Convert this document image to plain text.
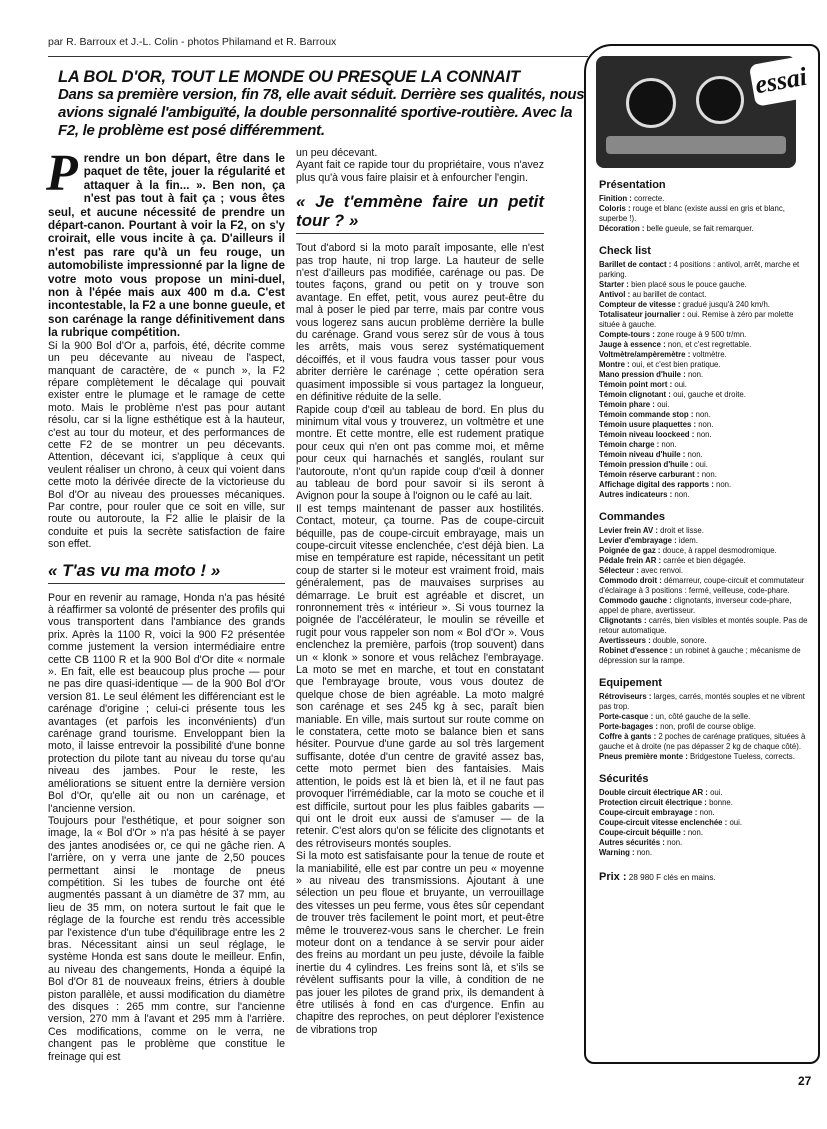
par R. Barroux et J.-L. Colin - photos Philamand et R. Barroux
LA BOL D'OR, TOUT LE MONDE OU PRESQUE LA CONNAIT
Dans sa première version, fin 78, elle avait séduit. Derrière ses qualités, nous avions signalé l'ambiguïté, la double personnalité sportive-routière. Avec la F2, le problème est posé différemment.

Prendre un bon départ, être dans le paquet de tête, jouer la régularité et attaquer à la fin... ». Ben non, ça n'est pas tout à fait ça ; vous êtes seul, et aucune nécessité de prendre un départ-canon. Pourtant à voir la F2, on s'y croirait, elle vous incite à ça. D'ailleurs il n'est pas rare qu'à un feu rouge, un automobiliste impressionné par la ligne de votre moto vous propose un mini-duel, non à l'épée mais aux 400 m d.a. C'est incontestable, la F2 a une bonne gueule, et son carénage la range définitivement dans la rubrique compétition.

Si la 900 Bol d'Or a, parfois, été, décrite comme un peu décevante au niveau de l'aspect, manquant de caractère, de « punch », la F2 répare complètement le décalage qui pouvait exister entre le plumage et le ramage de cette moto. Mais le problème n'est pas pour autant résolu, car si la ligne esthétique est à la hauteur, c'est au tour du moteur, et des performances de cette F2 de se montrer un peu décevants. Attention, décevant ici, s'applique à ceux qui veulent réaliser un chrono, à ceux qui voient dans cette moto la dérivée directe de la victorieuse du Bol d'Or au niveau des prouesses mécaniques. Par contre, pour rouler que ce soit en ville, sur route ou autoroute, la F2 allie le plaisir de la conduite et puis la secrète satisfaction de faire son effet.

« T'as vu ma moto ! »

Pour en revenir au ramage, Honda n'a pas hésité à réaffirmer sa volonté de présenter des profils qui vous transportent dans l'ambiance des grands prix. Après la 1100 R, voici la 900 F2 présentée comme justement la version intermédiaire entre cette CB 1100 R et la 900 Bol d'Or dite « normale ». En fait, elle est beaucoup plus proche — pour ne pas dire quasi-identique — de la 900 Bol d'Or version 81. Le seul élément les différenciant est le carénage d'origine ; celui-ci présente tous les avantages (et parfois les inconvénients) d'un carénage grand tourisme. Enveloppant bien la moto, il laisse entrevoir la possibilité d'une bonne protection du pilote tant au niveau du torse qu'au niveau des jambes. Pour le reste, les améliorations se situent entre la dernière version Bol d'Or, qu'elle ait ou non un carénage, et l'ancienne version.

Toujours pour l'esthétique, et pour soigner son image, la « Bol d'Or » n'a pas hésité à se payer des jantes anodisées or, ce qui ne gâche rien. A l'arrière, on y verra une jante de 2,50 pouces permettant ainsi le montage de pneus compétition. Si les tubes de fourche ont été augmentés passant à un diamètre de 37 mm, au lieu de 35 mm, on notera surtout le fait que le réglage de la fourche est rendu très accessible par l'existence d'un tube d'équilibrage entre les 2 bras. Nécessitant ainsi un seul réglage, le système Honda est sans doute le meilleur. Enfin, au niveau des changements, Honda a équipé la Bol d'Or 81 de nouveaux freins, étriers à double piston parallèle, et aussi modification du diamètre des disques : 265 mm contre, sur l'ancienne version, 270 mm à l'avant et 295 mm à l'arrière. Ces modifications, comme on le verra, ne changent pas le problème que constitue le freinage qui est

un peu décevant.

Ayant fait ce rapide tour du propriétaire, vous n'avez plus qu'à vous faire plaisir et à enfourcher l'engin.

« Je t'emmène faire un petit tour ? »

Tout d'abord si la moto paraît imposante, elle n'est pas trop haute, ni trop large. La hauteur de selle n'est d'ailleurs pas modifiée, carénage ou pas. De toutes façons, grand ou petit on y trouve son avantage. En effet, petit, vous aurez peut-être du mal à poser le pied par terre, mais par contre vous vous logerez sans aucun problème derrière la bulle du carénage. Grand vous serez sûr de vous à tous les arrêts, mais vous serez systématiquement décoiffés, et il vous faudra vous tasser pour vous abriter derrière le carénage ; cette opération sera quasiment impossible si vous partagez la longueur, en définitive réduite de la selle.

Rapide coup d'œil au tableau de bord. En plus du minimum vital vous y trouverez, un voltmètre et une montre. Et cette montre, elle est rudement pratique pour ceux qui n'en ont pas comme moi, et même pour ceux qui harnachés et sanglés, roulant sur l'autoroute, n'ont qu'un rapide coup d'œil à donner au tableau de bord pour savoir si ils seront à Avignon pour la soupe à l'oignon ou le café au lait.

Il est temps maintenant de passer aux hostilités. Contact, moteur, ça tourne. Pas de coupe-circuit béquille, pas de coupe-circuit embrayage, mais un coupe-circuit vitesse enclenchée, c'est déjà bien. La mise en température est rapide, nécessitant un petit coup de starter si le moteur est vraiment froid, mais généralement, pas de mauvaises surprises au démarrage. Le bruit est agréable et discret, un ronronnement très « intérieur ». Si vous tournez la poignée de l'accélérateur, le moulin se réveille et rugit pour vous rappeler son nom « Bol d'Or ». Vous enclenchez la première, parfois (trop souvent) dans un « klonk » sonore et vous relâchez l'embrayage. La moto se met en marche, et tout en constatant que l'embrayage broute, vous vous doutez de quelque chose de bien agréable. La moto malgré son carénage et ses 245 kg à sec, paraît bien maniable. En ville, mais surtout sur route comme on le constatera, cette moto se balance bien et sans hésiter. Pourvue d'une garde au sol très largement suffisante, dotée d'un centre de gravité assez bas, cette moto permet bien des fantaisies. Mais attention, le poids est là et bien là, et il ne faut pas provoquer l'irrémédiable, car la moto se couche et il est difficile, surtout pour les plus faibles gabarits — qui ont le droit eux aussi de s'amuser — de la retenir. C'est alors qu'on se félicite des clignotants et des rétroviseurs montés souples.

Si la moto est satisfaisante pour la tenue de route et la maniabilité, elle est par contre un peu « moyenne » au niveau des transmissions. Ajoutant à une sélection un peu floue et bruyante, un verrouillage des vitesses un peu ferme, vous êtes sûr cependant de trouver très facilement le point mort, et peut-être même le trouverez-vous sans le chercher. Le frein moteur dont on a tendance à se servir pour aider des freins au mordant un peu juste, dévoile la faible inertie du 4 cylindres. Les freins sont là, et s'ils se révèlent suffisants pour la ville, à condition de ne pas jouer les pilotes de grand prix, ils demandent à être utilisés à fond en cas d'urgence. Enfin au chapitre des reproches, on peut déplorer l'existence de vibrations trop

essai
Présentation
Finition : correcte.
Coloris : rouge et blanc (existe aussi en gris et blanc, superbe !).
Décoration : belle gueule, se fait remarquer.
Check list
Barillet de contact : 4 positions : antivol, arrêt, marche et parking.
Starter : bien placé sous le pouce gauche.
Antivol : au barillet de contact.
Compteur de vitesse : gradué jusqu'à 240 km/h.
Totalisateur journalier : oui. Remise à zéro par molette située à gauche.
Compte-tours : zone rouge à 9 500 tr/mn.
Jauge à essence : non, et c'est regrettable.
Voltmètre/ampèremètre : voltmètre.
Montre : oui, et c'est bien pratique.
Mano pression d'huile : non.
Témoin point mort : oui.
Témoin clignotant : oui, gauche et droite.
Témoin phare : oui.
Témoin commande stop : non.
Témoin usure plaquettes : non.
Témoin niveau loockeed : non.
Témoin charge : non.
Témoin niveau d'huile : non.
Témoin pression d'huile : oui.
Témoin réserve carburant : non.
Affichage digital des rapports : non.
Autres indicateurs : non.
Commandes
Levier frein AV : droit et lisse.
Levier d'embrayage : idem.
Poignée de gaz : douce, à rappel desmodromique.
Pédale frein AR : carrée et bien dégagée.
Sélecteur : avec renvoi.
Commodo droit : démarreur, coupe-circuit et commutateur d'éclairage à 3 positions : fermé, veilleuse, code-phare.
Commodo gauche : clignotants, inverseur code-phare, appel de phare, avertisseur.
Clignotants : carrés, bien visibles et montés souple. Pas de retour automatique.
Avertisseurs : double, sonore.
Robinet d'essence : un robinet à gauche ; mécanisme de dépression sur la rampe.
Equipement
Rétroviseurs : larges, carrés, montés souples et ne vibrent pas trop.
Porte-casque : un, côté gauche de la selle.
Porte-bagages : non, profil de course oblige.
Coffre à gants : 2 poches de carénage pratiques, situées à gauche et à droite (ne pas dépasser 2 kg de chaque côté).
Pneus première monte : Bridgestone Tueless, corrects.
Sécurités
Double circuit électrique AR : oui.
Protection circuit électrique : bonne.
Coupe-circuit embrayage : non.
Coupe-circuit vitesse enclenchée : oui.
Coupe-circuit béquille : non.
Autres sécurités : non.
Warning : non.
Prix : 28 980 F clés en mains.
27
